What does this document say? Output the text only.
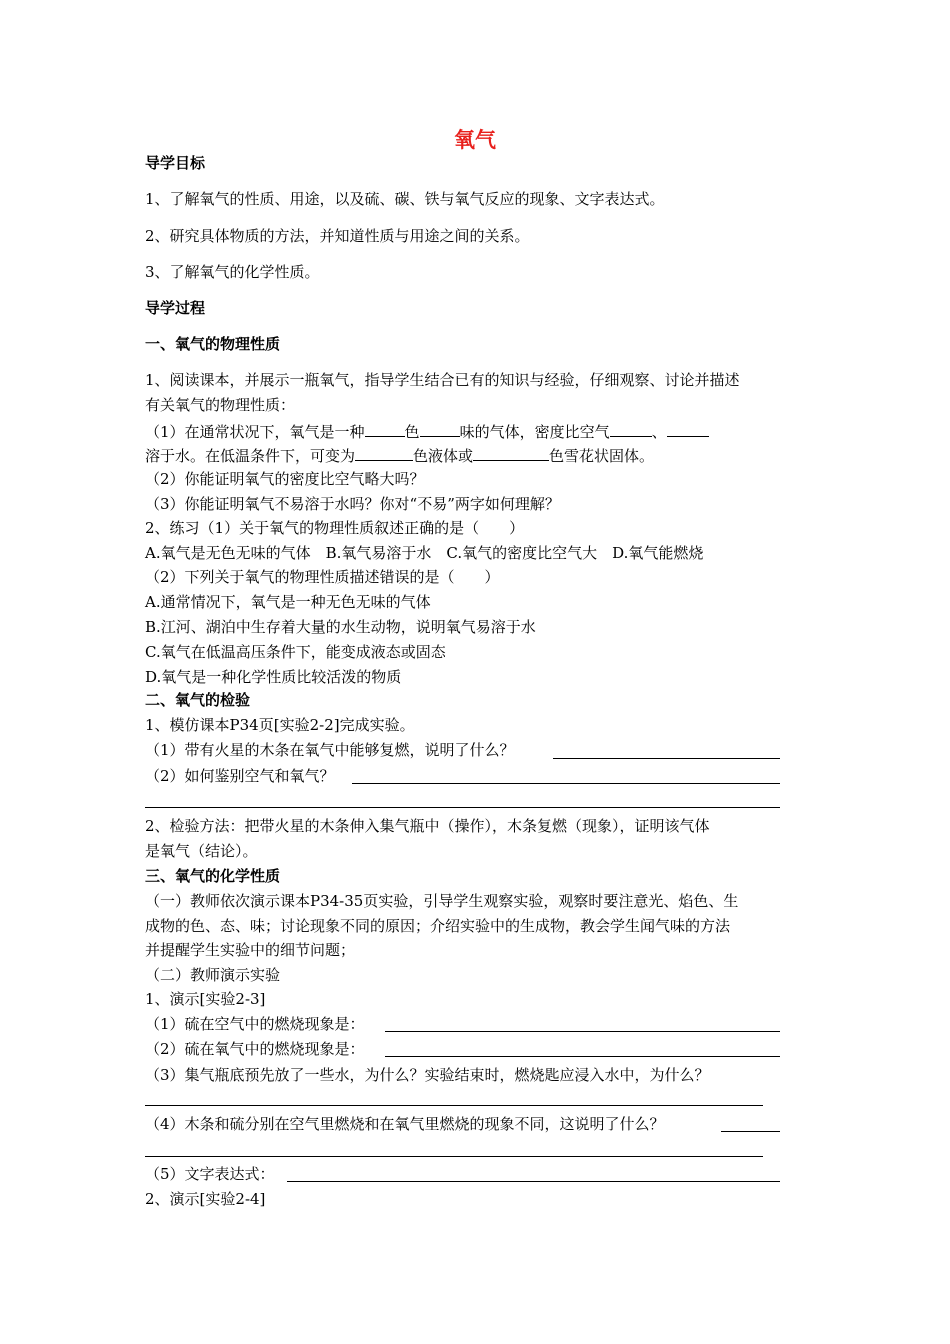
氧气
导学目标
1、了解氧气的性质、用途，以及硫、碳、铁与氧气反应的现象、文字表达式。
2、研究具体物质的方法，并知道性质与用途之间的关系。
3、了解氧气的化学性质。
导学过程
一、氧气的物理性质
1、阅读课本，并展示一瓶氧气，指导学生结合已有的知识与经验，仔细观察、讨论并描述
有关氧气的物理性质：
（1）在通常状况下，氧气是一种	色	味的气体，密度比空气	、
溶于水。在低温条件下，可变为	色液体或	色雪花状固体。
（2）你能证明氧气的密度比空气略大吗？
（3）你能证明氧气不易溶于水吗？你对“不易”两字如何理解？
2、练习（1）关于氧气的物理性质叙述正确的是（　　）
A.氧气是无色无味的气体　B.氧气易溶于水　C.氧气的密度比空气大　D.氧气能燃烧
（2）下列关于氧气的物理性质描述错误的是（　　）
A.通常情况下，氧气是一种无色无味的气体
B.江河、湖泊中生存着大量的水生动物，说明氧气易溶于水
C.氧气在低温高压条件下，能变成液态或固态
D.氧气是一种化学性质比较活泼的物质
二、氧气的检验
1、模仿课本P34页[实验2-2]完成实验。
（1）带有火星的木条在氧气中能够复燃，说明了什么？
（2）如何鉴别空气和氧气？
2、检验方法：把带火星的木条伸入集气瓶中（操作），木条复燃（现象），证明该气体
是氧气（结论）。
三、氧气的化学性质
（一）教师依次演示课本P34-35页实验，引导学生观察实验，观察时要注意光、焰色、生
成物的色、态、味；讨论现象不同的原因；介绍实验中的生成物，教会学生闻气味的方法
并提醒学生实验中的细节问题；
（二）教师演示实验
1、演示[实验2-3]
（1）硫在空气中的燃烧现象是：
（2）硫在氧气中的燃烧现象是：
（3）集气瓶底预先放了一些水，为什么？实验结束时，燃烧匙应浸入水中，为什么？
（4）木条和硫分别在空气里燃烧和在氧气里燃烧的现象不同，这说明了什么？
（5）文字表达式：
2、演示[实验2-4]
